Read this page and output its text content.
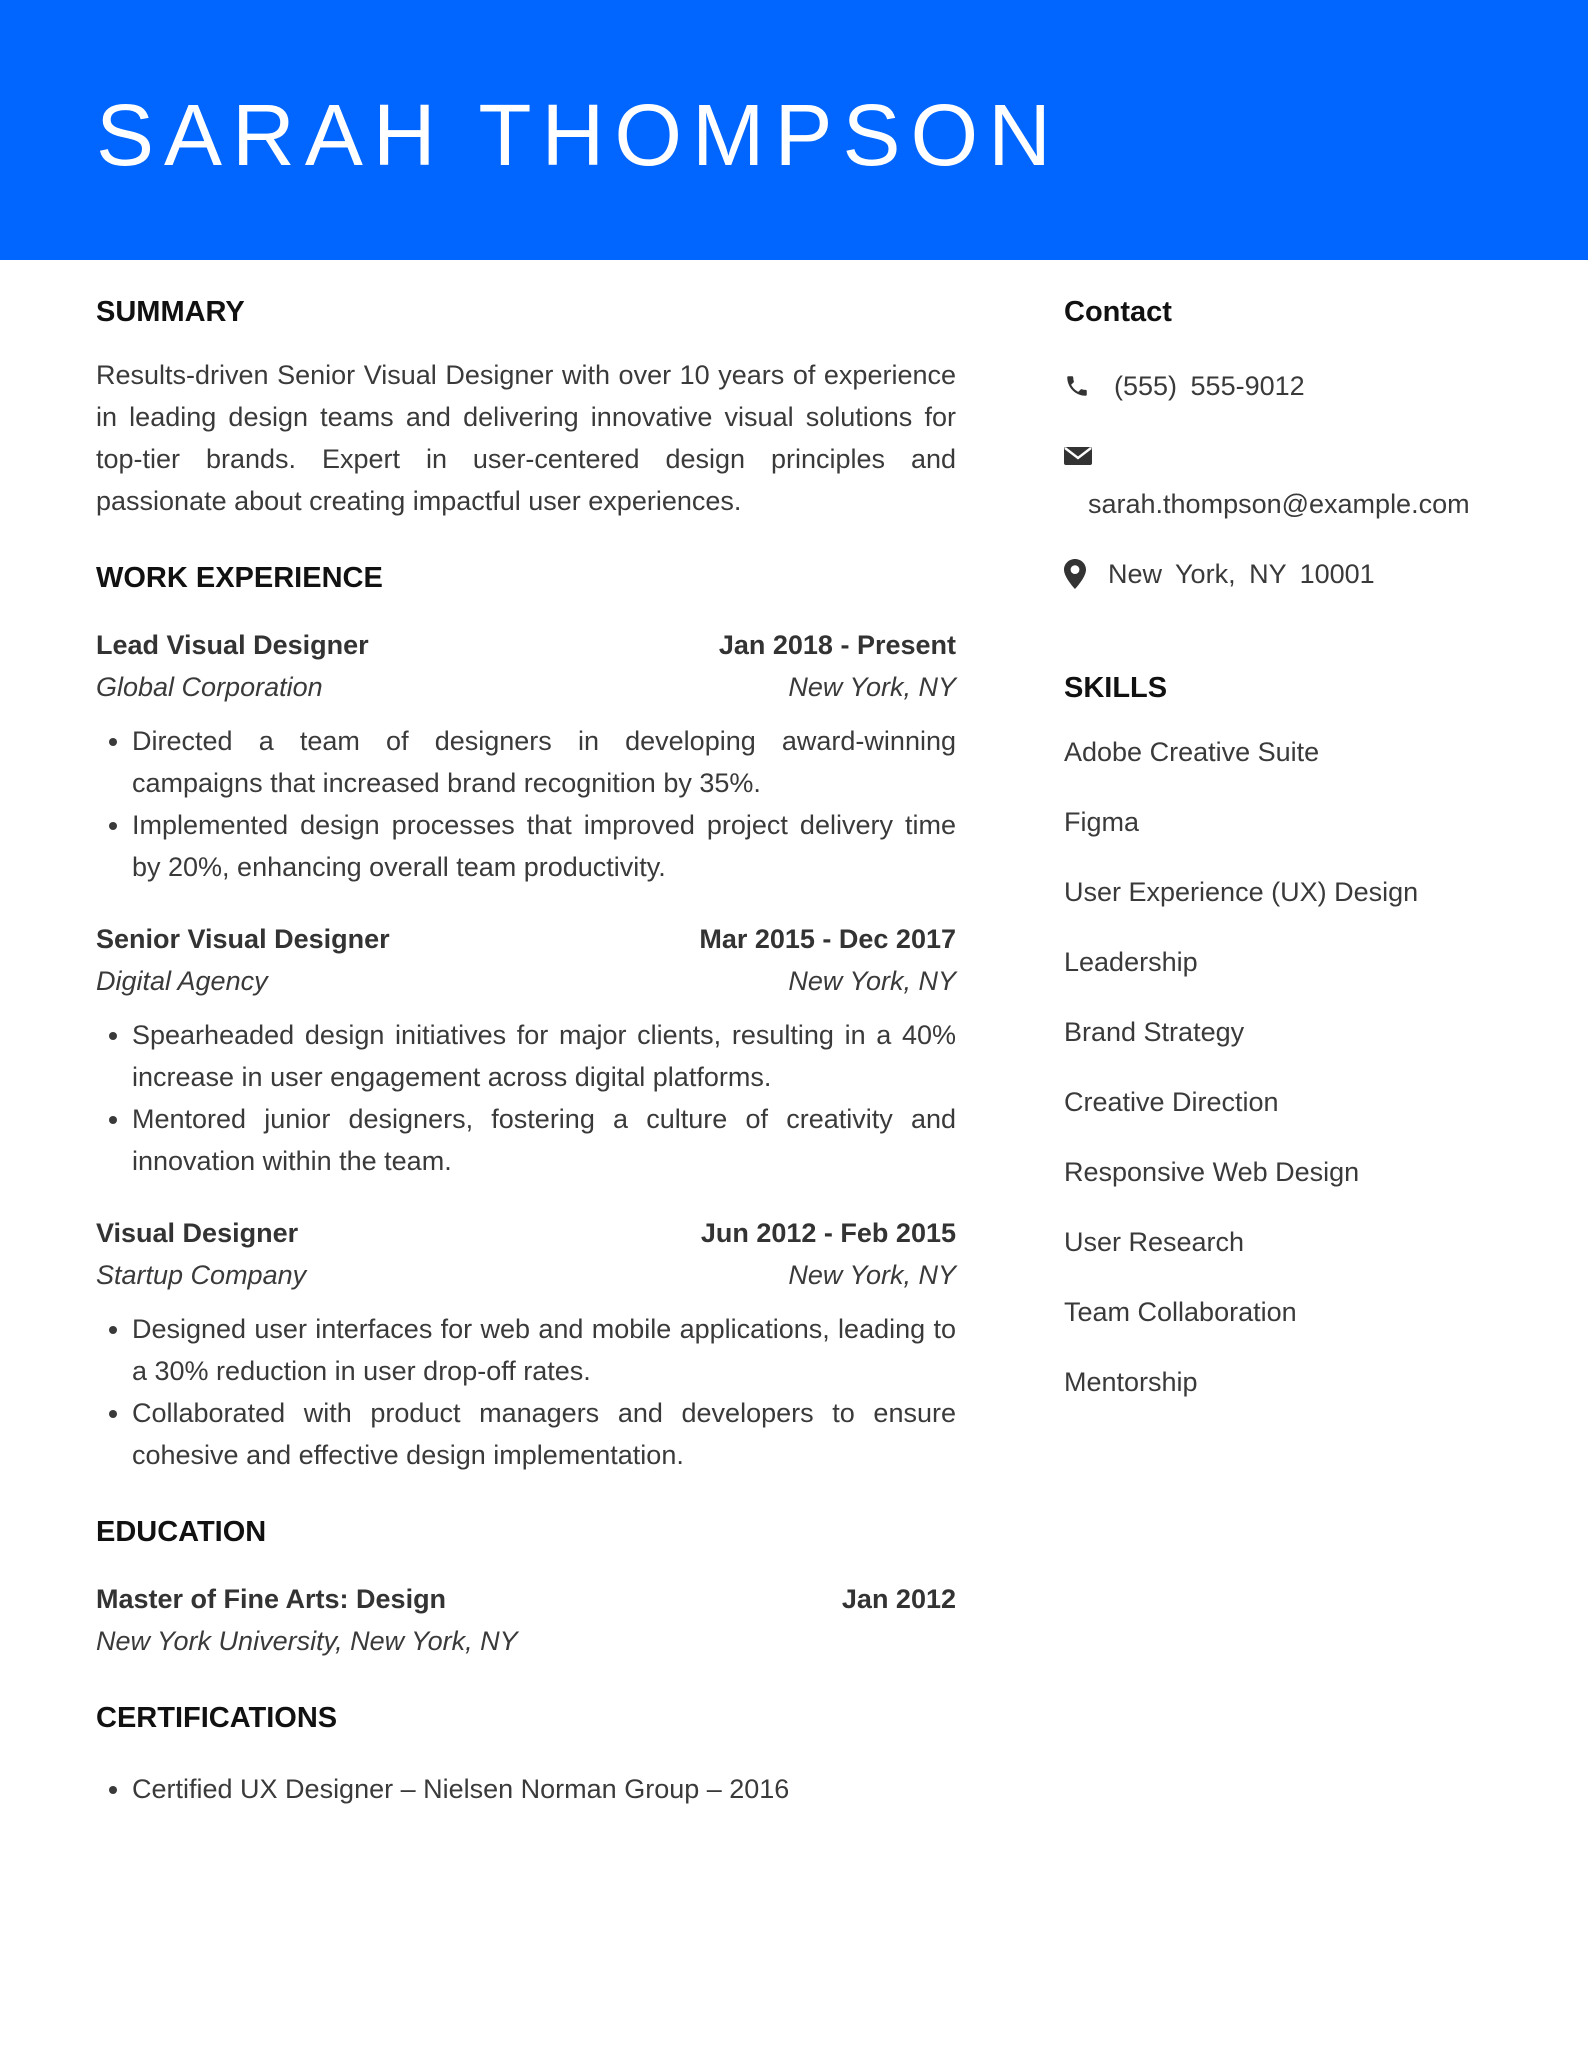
SARAH THOMPSON
SUMMARY

Results-driven Senior Visual Designer with over 10 years of experience in leading design teams and delivering innovative visual solutions for top-tier brands. Expert in user-centered design principles and passionate about creating impactful user experiences.

WORK EXPERIENCE
Lead Visual Designer	Jan 2018 - Present
Global Corporation	New York, NY
• Directed a team of designers in developing award-winning campaigns that increased brand recognition by 35%.
• Implemented design processes that improved project delivery time by 20%, enhancing overall team productivity.
Senior Visual Designer	Mar 2015 - Dec 2017
Digital Agency	New York, NY
• Spearheaded design initiatives for major clients, resulting in a 40% increase in user engagement across digital platforms.
• Mentored junior designers, fostering a culture of creativity and innovation within the team.
Visual Designer	Jun 2012 - Feb 2015
Startup Company	New York, NY
• Designed user interfaces for web and mobile applications, leading to a 30% reduction in user drop-off rates.
• Collaborated with product managers and developers to ensure cohesive and effective design implementation.
EDUCATION
Master of Fine Arts: Design	Jan 2012
New York University, New York, NY
CERTIFICATIONS
• Certified UX Designer – Nielsen Norman Group – 2016
Contact
(555) 555-9012
sarah.thompson@example.com
New York, NY 10001
SKILLS
Adobe Creative Suite
Figma
User Experience (UX) Design
Leadership
Brand Strategy
Creative Direction
Responsive Web Design
User Research
Team Collaboration
Mentorship
